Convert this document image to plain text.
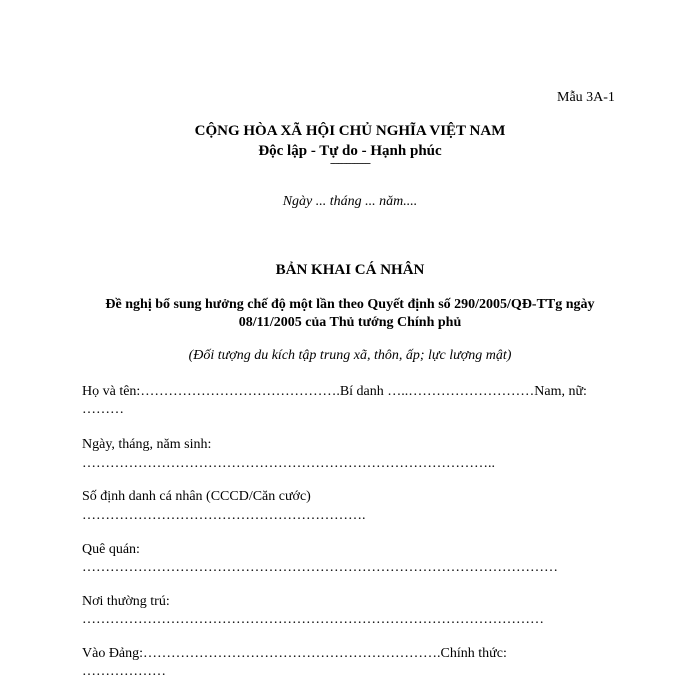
Mẫu 3A-1
CỘNG HÒA XÃ HỘI CHỦ NGHĨA VIỆT NAM
Độc lập - Tự do - Hạnh phúc
---------------
Ngày ... tháng ... năm....
BẢN KHAI CÁ NHÂN
Đề nghị bổ sung hưởng chế độ một lần theo Quyết định số 290/2005/QĐ-TTg ngày
08/11/2005 của Thủ tướng Chính phủ
(Đối tượng du kích tập trung xã, thôn, ấp; lực lượng mật)
Họ và tên:…………………………………….Bí danh …..………………………Nam, nữ:
………
Ngày, tháng, năm sinh:
……………………………………………………………………………..
Số định danh cá nhân (CCCD/Căn cước)
…………………………………………………….
Quê quán:
…………………………………………………………………………………………
Nơi thường trú:
………………………………………………………………………………………
Vào Đảng:……………………………………………………….Chính thức:
………………
